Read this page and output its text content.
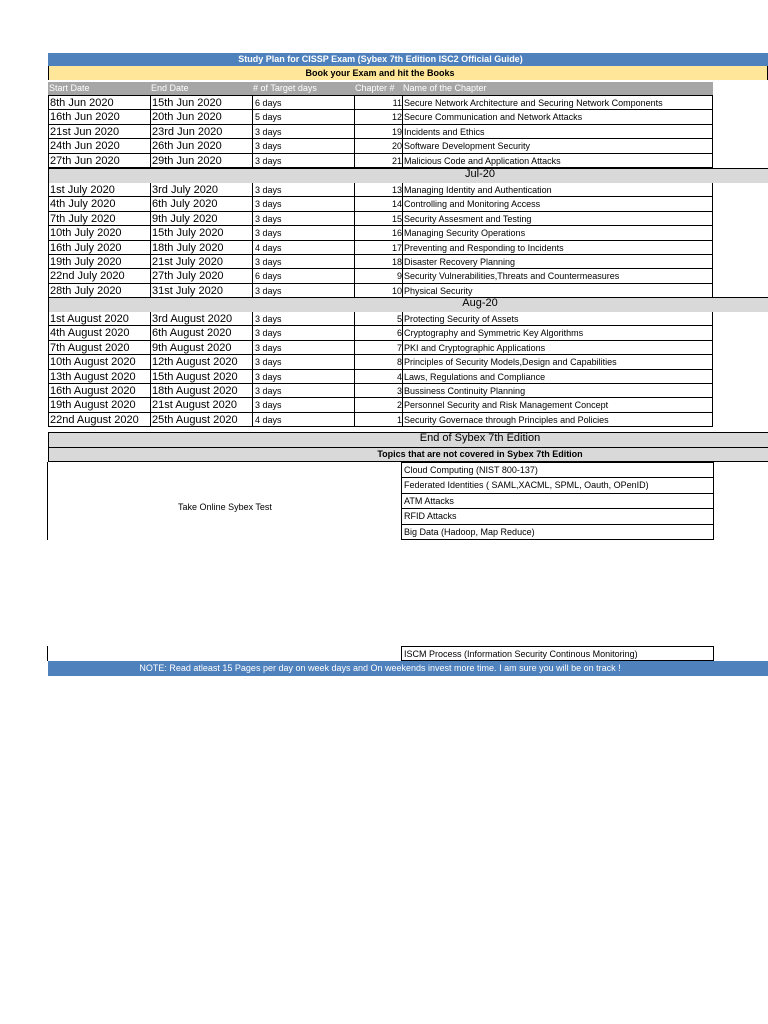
Study Plan for CISSP Exam (Sybex 7th Edition ISC2 Official Guide)
Book your Exam and hit the Books
Start Date	End Date	# of Target days	Chapter # Name of the Chapter
8th Jun 2020	15th Jun 2020	6 days	11 Secure Network Architecture and Securing Network Components
16th Jun 2020	20th Jun 2020	5 days	12 Secure Communication and Network Attacks
21st Jun 2020	23rd Jun 2020	3 days	19 Incidents and Ethics
24th Jun 2020	26th Jun 2020	3 days	20 Software Development Security
27th Jun 2020	29th Jun 2020	3 days	21 Malicious Code and Application Attacks
1st July 2020	3rd July 2020	3 days	13 Managing Identity and Authentication
4th July 2020	6th July 2020	3 days	14 Controlling and Monitoring Access
7th July 2020	9th July 2020	3 days	15 Security Assesment and Testing
10th July 2020	15th July 2020	3 days	16 Managing Security Operations
16th July 2020	18th July 2020	4 days	17 Preventing and Responding to Incidents
19th July 2020	21st July 2020	3 days	18 Disaster Recovery Planning
22nd July 2020	27th July 2020	6 days	9 Security Vulnerabilities,Threats and Countermeasures
28th July 2020	31st July 2020	3 days	10 Physical Security
1st August 2020	3rd August 2020	3 days	5 Protecting Security of Assets
4th August 2020	6th August 2020	3 days	6 Cryptography and Symmetric Key Algorithms
7th August 2020	9th August 2020	3 days	7 PKI and Cryptographic Applications
10th August 2020	12th August 2020	3 days	8 Principles of Security Models,Design and Capabilities
13th August 2020	15th August 2020	3 days	4 Laws, Regulations and Compliance
16th August 2020	18th August 2020	3 days	3 Bussiness Continuity Planning
19th August 2020	21st August 2020	3 days	2 Personnel Security and Risk Management Concept
22nd August 2020	25th August 2020	4 days	1 Security Governace through Principles and Policies
Jul-20
Aug-20
End of Sybex 7th Edition
Topics that are not covered in Sybex 7th Edition
Take Online Sybex Test
Cloud Computing (NIST 800-137)
Federated Identities ( SAML,XACML, SPML, Oauth, OPenID)
ATM Attacks
RFID Attacks
Big Data (Hadoop, Map Reduce)
ISCM Process (Information Security Continous Monitoring)
NOTE: Read atleast 15 Pages per day on week days and On weekends invest more time. I am sure you will be on track !
